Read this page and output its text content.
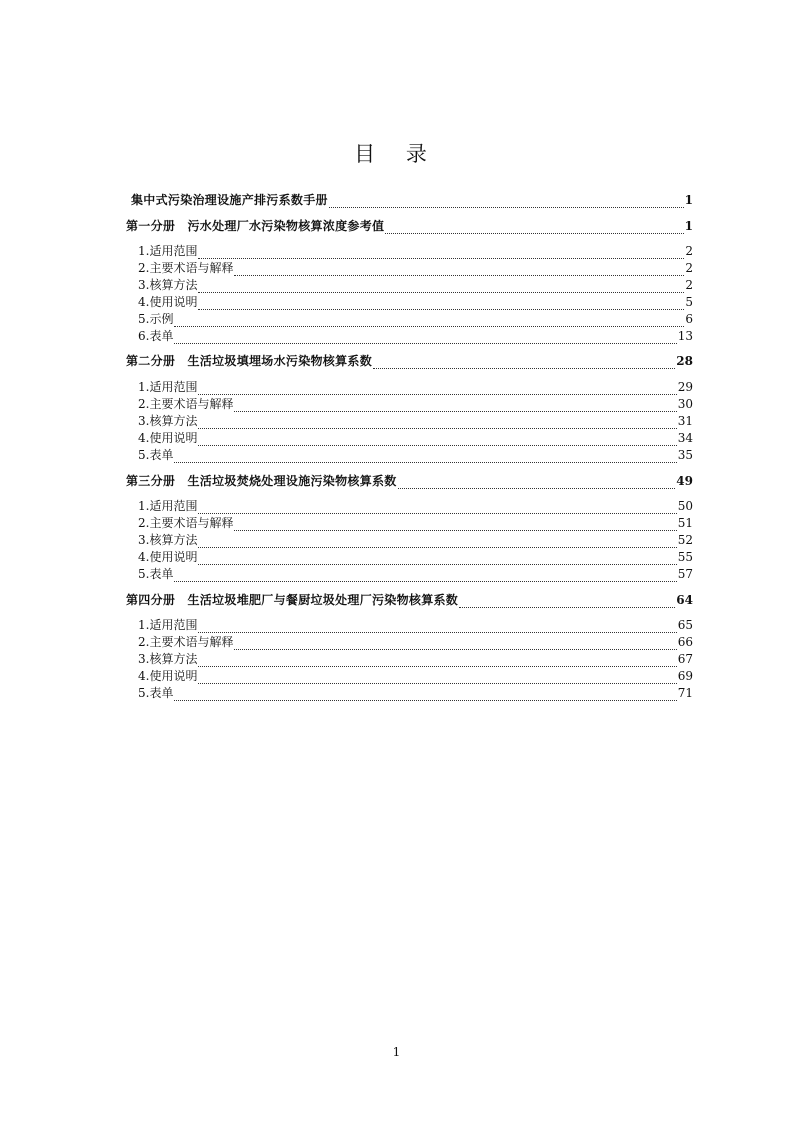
目 录
集中式污染治理设施产排污系数手册	1
第一分册　污水处理厂水污染物核算浓度参考值	1
1.适用范围	2
2.主要术语与解释	2
3.核算方法	2
4.使用说明	5
5.示例	6
6.表单	13
第二分册　生活垃圾填埋场水污染物核算系数	28
1.适用范围	29
2.主要术语与解释	30
3.核算方法	31
4.使用说明	34
5.表单	35
第三分册　生活垃圾焚烧处理设施污染物核算系数	49
1.适用范围	50
2.主要术语与解释	51
3.核算方法	52
4.使用说明	55
5.表单	57
第四分册　生活垃圾堆肥厂与餐厨垃圾处理厂污染物核算系数	64
1.适用范围	65
2.主要术语与解释	66
3.核算方法	67
4.使用说明	69
5.表单	71
1
